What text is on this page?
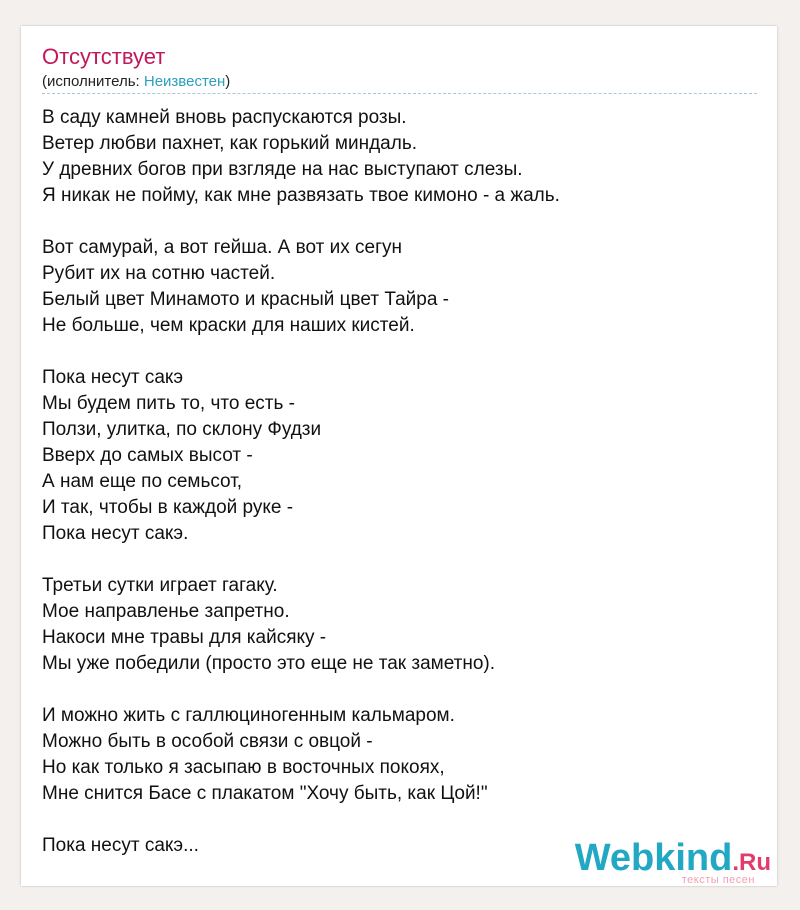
Отсутствует
(исполнитель: Неизвестен)
В саду камней вновь распускаются розы.
Ветер любви пахнет, как горький миндаль.
У древних богов при взгляде на нас выступают слезы.
Я никак не пойму, как мне развязать твое кимоно - а жаль.

Вот самурай, а вот гейша. А вот их сегун
Рубит их на сотню частей.
Белый цвет Минамото и красный цвет Тайра -
Не больше, чем краски для наших кистей.

Пока несут сакэ
Мы будем пить то, что есть -
Ползи, улитка, по склону Фудзи
Вверх до самых высот -
А нам еще по семьсот,
И так, чтобы в каждой руке -
Пока несут сакэ.

Третьи сутки играет гагаку.
Мое направленье запретно.
Накоси мне травы для кайсяку -
Мы уже победили (просто это еще не так заметно).

И можно жить с галлюциногенным кальмаром.
Можно быть в особой связи с овцой -
Но как только я засыпаю в восточных покоях,
Мне снится Басе с плакатом "Хочу быть, как Цой!"

Пока несут сакэ...	Webkind.Ru
тексты песен
